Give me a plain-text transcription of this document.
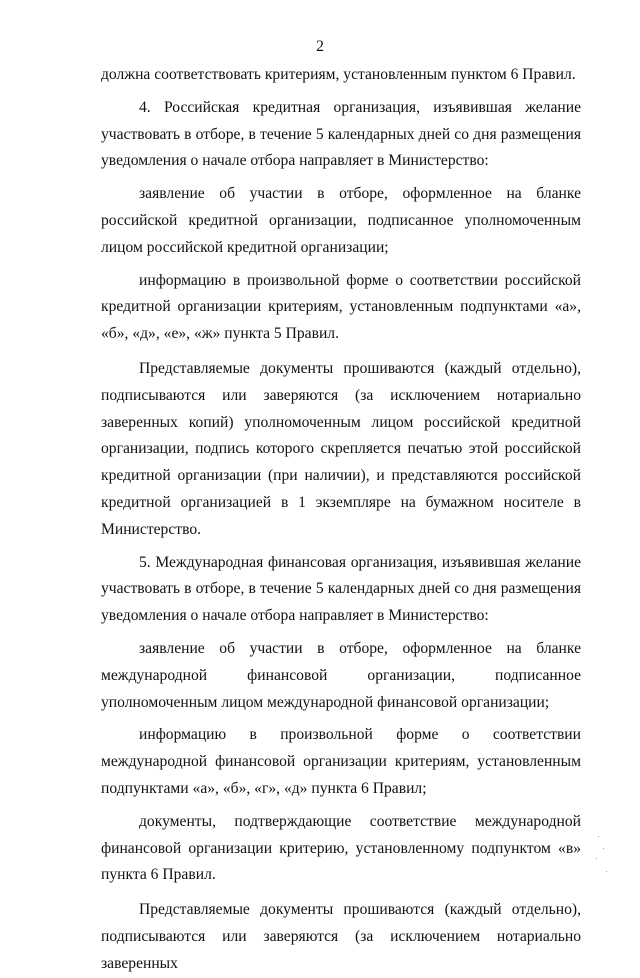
2

должна соответствовать критериям, установленным пунктом 6 Правил.

4. Российская кредитная организация, изъявившая желание участвовать в отборе, в течение 5 календарных дней со дня размещения уведомления о начале отбора направляет в Министерство:

заявление об участии в отборе, оформленное на бланке российской кредитной организации, подписанное уполномоченным лицом российской кредитной организации;

информацию в произвольной форме о соответствии российской кредитной организации критериям, установленным подпунктами «а», «б», «д», «е», «ж» пункта 5 Правил.

Представляемые документы прошиваются (каждый отдельно), подписываются или заверяются (за исключением нотариально заверенных копий) уполномоченным лицом российской кредитной организации, подпись которого скрепляется печатью этой российской кредитной организации (при наличии), и представляются российской кредитной организацией в 1 экземпляре на бумажном носителе в Министерство.

5. Международная финансовая организация, изъявившая желание участвовать в отборе, в течение 5 календарных дней со дня размещения уведомления о начале отбора направляет в Министерство:

заявление об участии в отборе, оформленное на бланке международной финансовой организации, подписанное уполномоченным лицом международной финансовой организации;

информацию в произвольной форме о соответствии международной финансовой организации критериям, установленным подпунктами «а», «б», «г», «д» пункта 6 Правил;

документы, подтверждающие соответствие международной финансовой организации критерию, установленному подпунктом «в» пункта 6 Правил.

Представляемые документы прошиваются (каждый отдельно), подписываются или заверяются (за исключением нотариально заверенных
